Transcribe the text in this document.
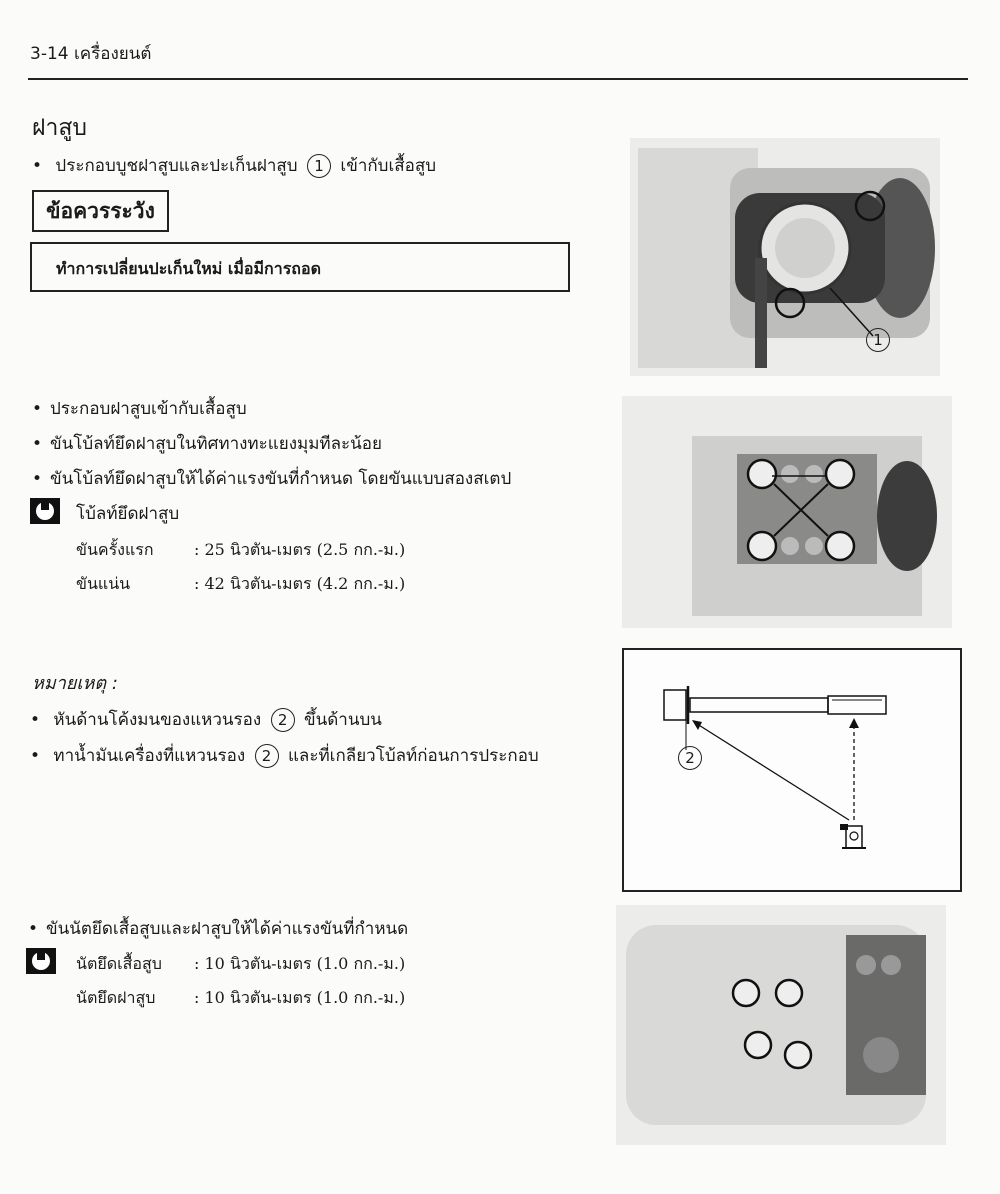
3-14 เครื่องยนต์
ฝาสูบ
• ประกอบบูชฝาสูบและปะเก็นฝาสูบ 1 เข้ากับเสื้อสูบ
ข้อควรระวัง
ทำการเปลี่ยนปะเก็นใหม่ เมื่อมีการถอด
1
• ประกอบฝาสูบเข้ากับเสื้อสูบ
• ขันโบ้ลท์ยึดฝาสูบในทิศทางทะแยงมุมทีละน้อย
• ขันโบ้ลท์ยึดฝาสูบให้ได้ค่าแรงขันที่กำหนด โดยขันแบบสองสเตป
โบ้ลท์ยึดฝาสูบ
ขันครั้งแรก	: 25 นิวตัน-เมตร (2.5 กก.-ม.)
ขันแน่น	: 42 นิวตัน-เมตร (4.2 กก.-ม.)
หมายเหตุ :
• หันด้านโค้งมนของแหวนรอง 2 ขึ้นด้านบน
• ทาน้ำมันเครื่องที่แหวนรอง 2 และที่เกลียวโบ้ลท์ก่อนการประกอบ	2
• ขันนัตยึดเสื้อสูบและฝาสูบให้ได้ค่าแรงขันที่กำหนด
นัตยึดเสื้อสูบ : 10 นิวตัน-เมตร (1.0 กก.-ม.)
นัตยึดฝาสูบ : 10 นิวตัน-เมตร (1.0 กก.-ม.)
